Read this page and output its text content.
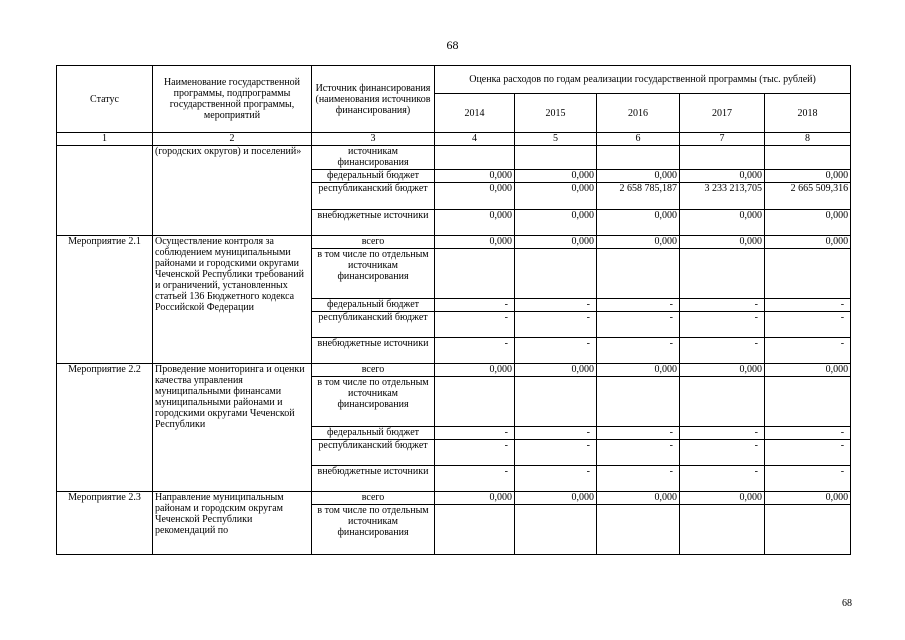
68
Статус	Наименование государственной программы, подпрограммы государственной программы, мероприятий	Источник финансирования (наименования источников финансирования)	Оценка расходов по годам реализации государственной программы (тыс. рублей)				
			2014	2015	2016	2017	2018
1	2	3	4	5	6	7	8
	(городских округов) и поселений»	источникам финансирования					
		федеральный бюджет	0,000	0,000	0,000	0,000	0,000
		республиканский бюджет	0,000	0,000	2 658 785,187	3 233 213,705	2 665 509,316
		внебюджетные источники	0,000	0,000	0,000	0,000	0,000
Мероприятие 2.1	Осуществление контроля за соблюдением муниципальными районами и городскими округами Чеченской Республики требований и ограничений, установленных статьей 136 Бюджетного кодекса Российской Федерации	всего	0,000	0,000	0,000	0,000	0,000
		в том числе по отдельным источникам финансирования					
		федеральный бюджет	-	-	-	-	-
		республиканский бюджет	-	-	-	-	-
		внебюджетные источники	-	-	-	-	-
Мероприятие 2.2	Проведение мониторинга и оценки качества управления муниципальными финансами муниципальными районами и городскими округами Чеченской Республики	всего	0,000	0,000	0,000	0,000	0,000
		в том числе по отдельным источникам финансирования					
		федеральный бюджет	-	-	-	-	-
		республиканский бюджет	-	-	-	-	-
		внебюджетные источники	-	-	-	-	-
Мероприятие 2.3	Направление муниципальным районам и городским округам Чеченской Республики рекомендаций по	всего	0,000	0,000	0,000	0,000	0,000
		в том числе по отдельным источникам финансирования					
68
